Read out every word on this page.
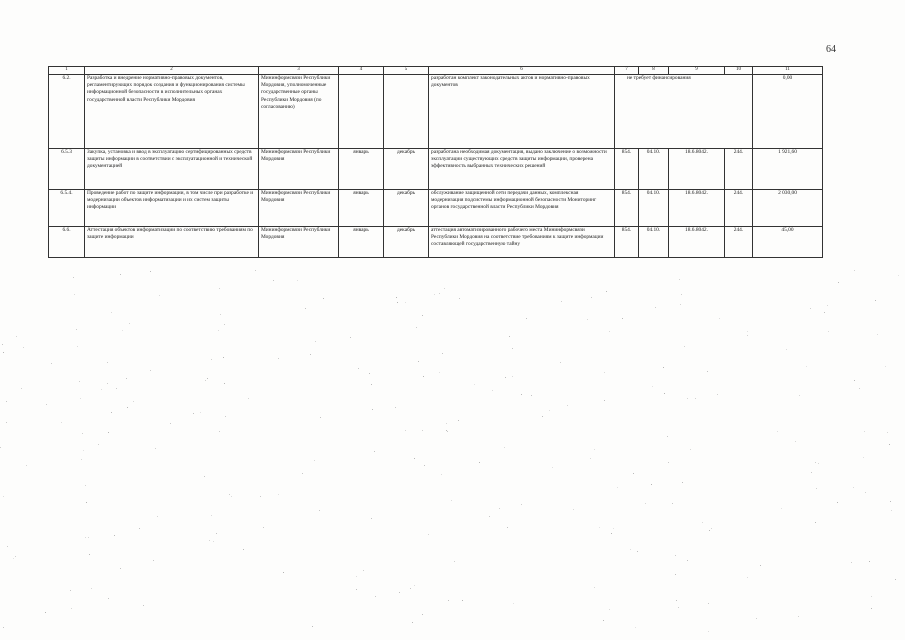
64
1	2	3	4	5	6	7	8	9	10	11
6.2.	Разработка и внедрение нормативно-правовых документов, регламентирующих порядок создания и функционирования системы информационной безопасности в исполнительных органах государственной власти Республики Мордовия	Мининформсвязи Республики Мордовия, уполномоченные государственные органы Республики Мордовия (по согласованию)			разработан комплект законодательных актов и нормативно-правовых документов	не требует финансирования				0,00
6.5.3	Закупка, установка и ввод в эксплуатацию сертифицированных средств защиты информации в соответствии с эксплуатационной и технической документацией	Мининформсвязи Республики Мордовия	январь	декабрь	разработана необходимая документация, выдано заключение о возможности эксплуатации существующих средств защиты информации, проверена эффективность выбранных технических решений	854.	04.10.	18.6.8042.	244.	1 921,60
6.5.4.	Проведение работ по защите информации, в том числе при разработке и модернизации объектов информатизации и их систем защиты информации	Мининформсвязи Республики Мордовия	январь	декабрь	обслуживание защищенной сети передачи данных, комплексная модернизация подсистемы информационной безопасности Мониторинг органов государственной власти Республики Мордовия	854.	04.10.	18.6.8042.	244.	2 030,00
6.6.	Аттестация объектов информатизации по соответствию требованиям по защите информации	Мининформсвязи Республики Мордовия	январь	декабрь	аттестация автоматизированного рабочего места Мининформсвязи Республики Мордовия на соответствие требованиям к защите информации составляющей государственную тайну	854.	04.10.	18.6.8042.	244.	45,00
